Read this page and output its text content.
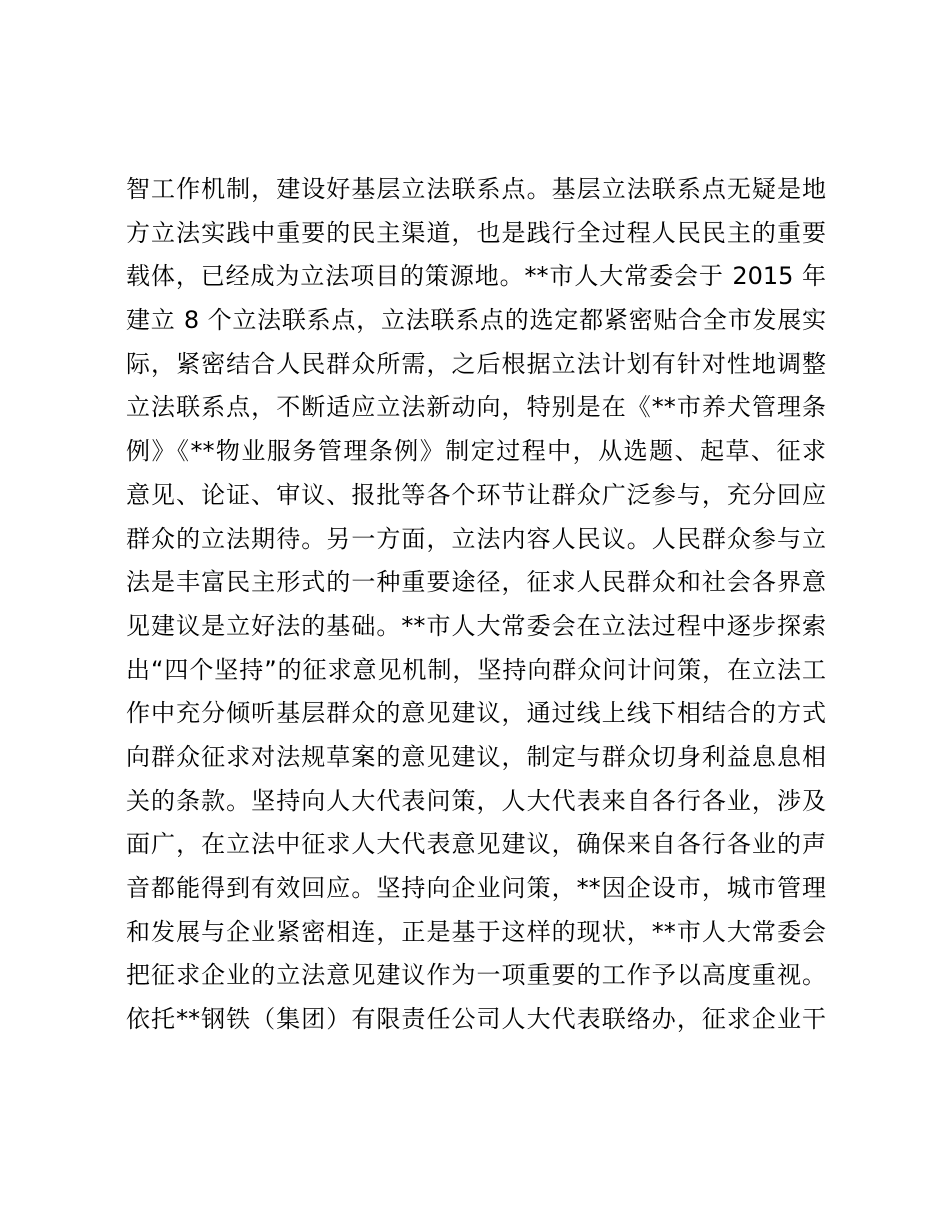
智工作机制，建设好基层立法联系点。基层立法联系点无疑是地
方立法实践中重要的民主渠道，也是践行全过程人民民主的重要
载体，已经成为立法项目的策源地。**市人大常委会于 2015 年
建立 8 个立法联系点，立法联系点的选定都紧密贴合全市发展实
际，紧密结合人民群众所需，之后根据立法计划有针对性地调整
立法联系点，不断适应立法新动向，特别是在《**市养犬管理条
例》《**物业服务管理条例》制定过程中，从选题、起草、征求
意见、论证、审议、报批等各个环节让群众广泛参与，充分回应
群众的立法期待。另一方面，立法内容人民议。人民群众参与立
法是丰富民主形式的一种重要途径，征求人民群众和社会各界意
见建议是立好法的基础。**市人大常委会在立法过程中逐步探索
出“四个坚持”的征求意见机制，坚持向群众问计问策，在立法工
作中充分倾听基层群众的意见建议，通过线上线下相结合的方式
向群众征求对法规草案的意见建议，制定与群众切身利益息息相
关的条款。坚持向人大代表问策，人大代表来自各行各业，涉及
面广，在立法中征求人大代表意见建议，确保来自各行各业的声
音都能得到有效回应。坚持向企业问策，**因企设市，城市管理
和发展与企业紧密相连，正是基于这样的现状，**市人大常委会
把征求企业的立法意见建议作为一项重要的工作予以高度重视。
依托**钢铁（集团）有限责任公司人大代表联络办，征求企业干
